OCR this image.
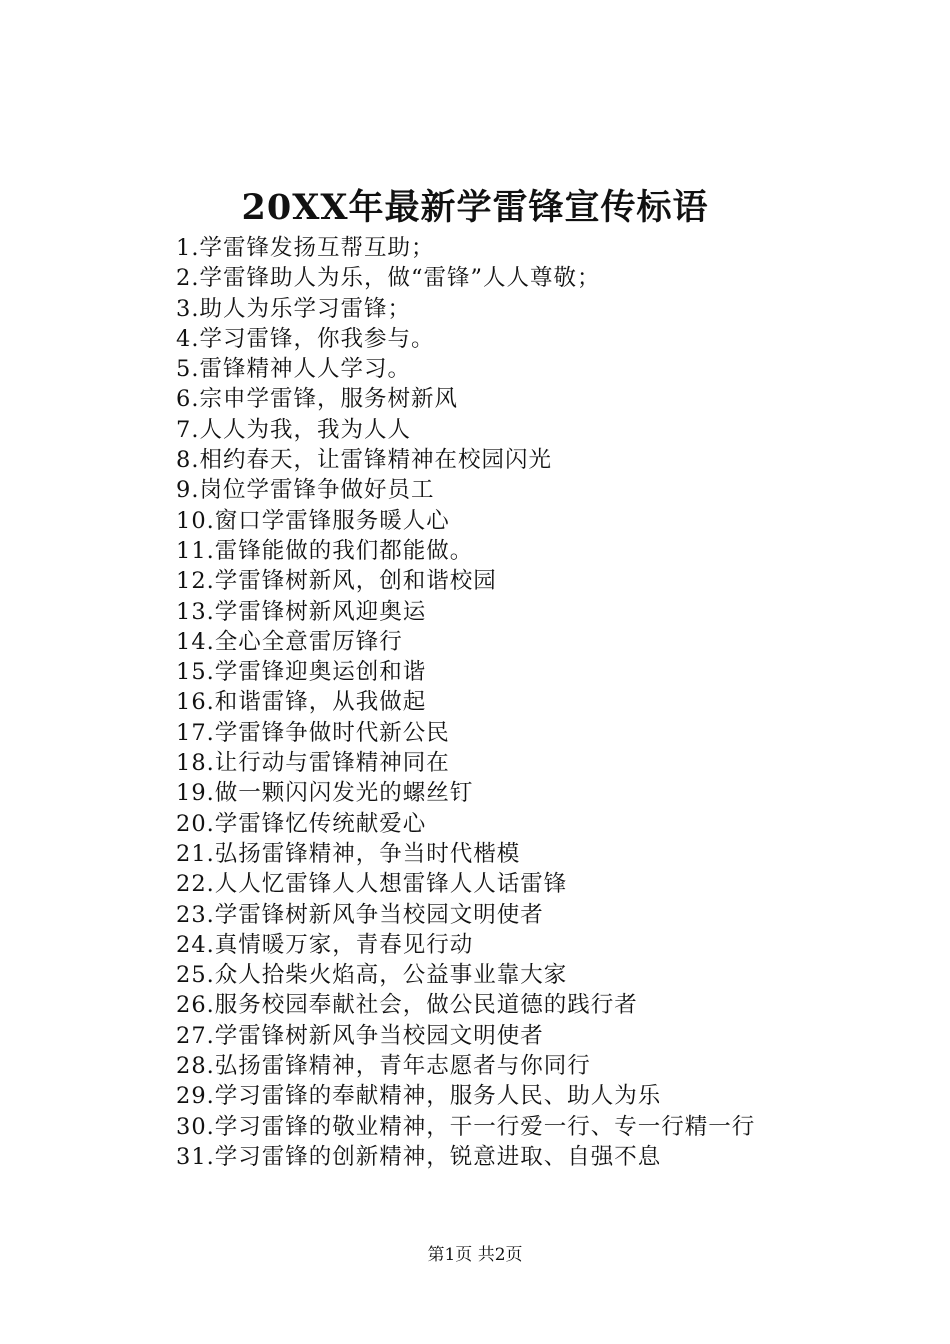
20XX年最新学雷锋宣传标语
1.学雷锋发扬互帮互助；
2.学雷锋助人为乐，做“雷锋”人人尊敬；
3.助人为乐学习雷锋；
4.学习雷锋，你我参与。
5.雷锋精神人人学习。
6.宗申学雷锋，服务树新风
7.人人为我，我为人人
8.相约春天，让雷锋精神在校园闪光
9.岗位学雷锋争做好员工
10.窗口学雷锋服务暖人心
11.雷锋能做的我们都能做。
12.学雷锋树新风，创和谐校园
13.学雷锋树新风迎奥运
14.全心全意雷厉锋行
15.学雷锋迎奥运创和谐
16.和谐雷锋，从我做起
17.学雷锋争做时代新公民
18.让行动与雷锋精神同在
19.做一颗闪闪发光的螺丝钉
20.学雷锋忆传统献爱心
21.弘扬雷锋精神，争当时代楷模
22.人人忆雷锋人人想雷锋人人话雷锋
23.学雷锋树新风争当校园文明使者
24.真情暖万家，青春见行动
25.众人拾柴火焰高，公益事业靠大家
26.服务校园奉献社会，做公民道德的践行者
27.学雷锋树新风争当校园文明使者
28.弘扬雷锋精神，青年志愿者与你同行
29.学习雷锋的奉献精神，服务人民、助人为乐
30.学习雷锋的敬业精神，干一行爱一行、专一行精一行
31.学习雷锋的创新精神，锐意进取、自强不息
第1页 共2页
